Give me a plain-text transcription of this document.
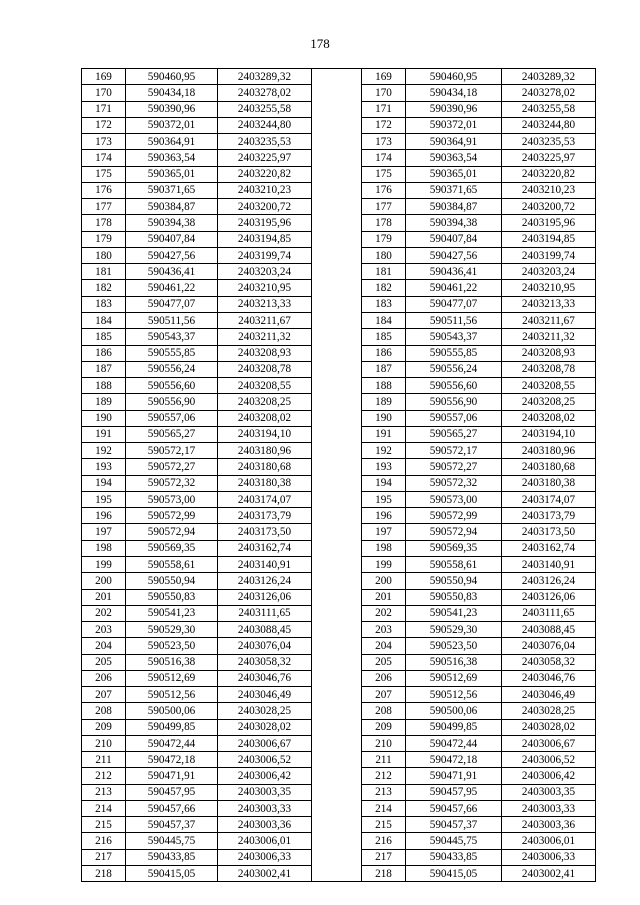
178
169	590460,95	2403289,32		169	590460,95	2403289,32
170	590434,18	2403278,02		170	590434,18	2403278,02
171	590390,96	2403255,58		171	590390,96	2403255,58
172	590372,01	2403244,80		172	590372,01	2403244,80
173	590364,91	2403235,53		173	590364,91	2403235,53
174	590363,54	2403225,97		174	590363,54	2403225,97
175	590365,01	2403220,82		175	590365,01	2403220,82
176	590371,65	2403210,23		176	590371,65	2403210,23
177	590384,87	2403200,72		177	590384,87	2403200,72
178	590394,38	2403195,96		178	590394,38	2403195,96
179	590407,84	2403194,85		179	590407,84	2403194,85
180	590427,56	2403199,74		180	590427,56	2403199,74
181	590436,41	2403203,24		181	590436,41	2403203,24
182	590461,22	2403210,95		182	590461,22	2403210,95
183	590477,07	2403213,33		183	590477,07	2403213,33
184	590511,56	2403211,67		184	590511,56	2403211,67
185	590543,37	2403211,32		185	590543,37	2403211,32
186	590555,85	2403208,93		186	590555,85	2403208,93
187	590556,24	2403208,78		187	590556,24	2403208,78
188	590556,60	2403208,55		188	590556,60	2403208,55
189	590556,90	2403208,25		189	590556,90	2403208,25
190	590557,06	2403208,02		190	590557,06	2403208,02
191	590565,27	2403194,10		191	590565,27	2403194,10
192	590572,17	2403180,96		192	590572,17	2403180,96
193	590572,27	2403180,68		193	590572,27	2403180,68
194	590572,32	2403180,38		194	590572,32	2403180,38
195	590573,00	2403174,07		195	590573,00	2403174,07
196	590572,99	2403173,79		196	590572,99	2403173,79
197	590572,94	2403173,50		197	590572,94	2403173,50
198	590569,35	2403162,74		198	590569,35	2403162,74
199	590558,61	2403140,91		199	590558,61	2403140,91
200	590550,94	2403126,24		200	590550,94	2403126,24
201	590550,83	2403126,06		201	590550,83	2403126,06
202	590541,23	2403111,65		202	590541,23	2403111,65
203	590529,30	2403088,45		203	590529,30	2403088,45
204	590523,50	2403076,04		204	590523,50	2403076,04
205	590516,38	2403058,32		205	590516,38	2403058,32
206	590512,69	2403046,76		206	590512,69	2403046,76
207	590512,56	2403046,49		207	590512,56	2403046,49
208	590500,06	2403028,25		208	590500,06	2403028,25
209	590499,85	2403028,02		209	590499,85	2403028,02
210	590472,44	2403006,67		210	590472,44	2403006,67
211	590472,18	2403006,52		211	590472,18	2403006,52
212	590471,91	2403006,42		212	590471,91	2403006,42
213	590457,95	2403003,35		213	590457,95	2403003,35
214	590457,66	2403003,33		214	590457,66	2403003,33
215	590457,37	2403003,36		215	590457,37	2403003,36
216	590445,75	2403006,01		216	590445,75	2403006,01
217	590433,85	2403006,33		217	590433,85	2403006,33
218	590415,05	2403002,41		218	590415,05	2403002,41
